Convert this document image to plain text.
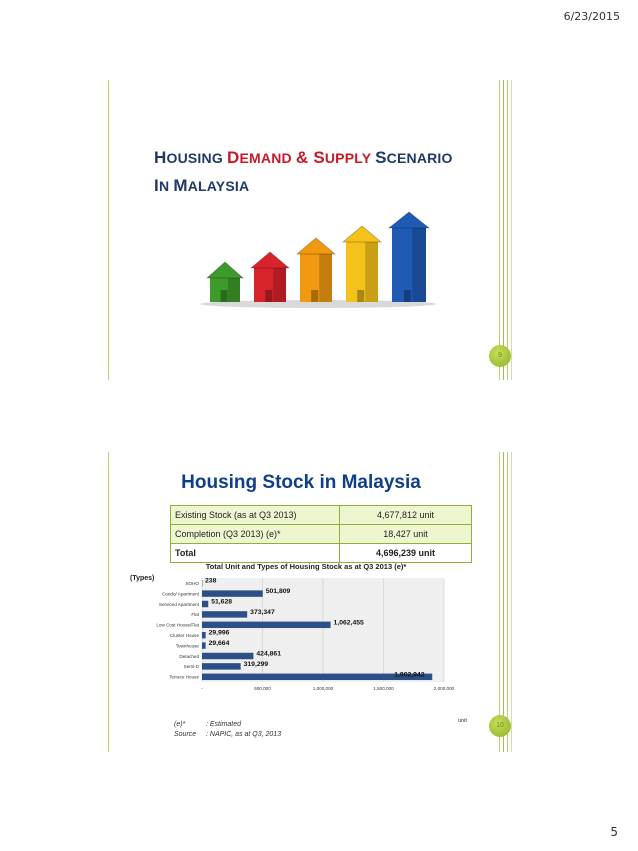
6/23/2015
HOUSING DEMAND & SUPPLY SCENARIO
IN MALAYSIA
9
Housing Stock in Malaysia
Existing Stock (as at Q3 2013)	4,677,812 unit
Completion (Q3 2013) (e)*	18,427 unit
Total	4,696,239 unit
Total Unit and Types of Housing Stock as at Q3 2013 (e)*
(Types)
unit
SOHO 238
Condo/ Apartment	501,809
Serviced Apartment 51,628
Flat	373,347
Low Cost House/Flat	1,062,455
Cluster House 29,996
Townhouse 29,664
Detached	424,861
Semi-D	319,299
Terrace House	1,902,942
-	500,000	1,000,000	1,500,000	2,000,000
(e)*	: Estimated
Source : NAPIC, as at Q3, 2013
10
5
